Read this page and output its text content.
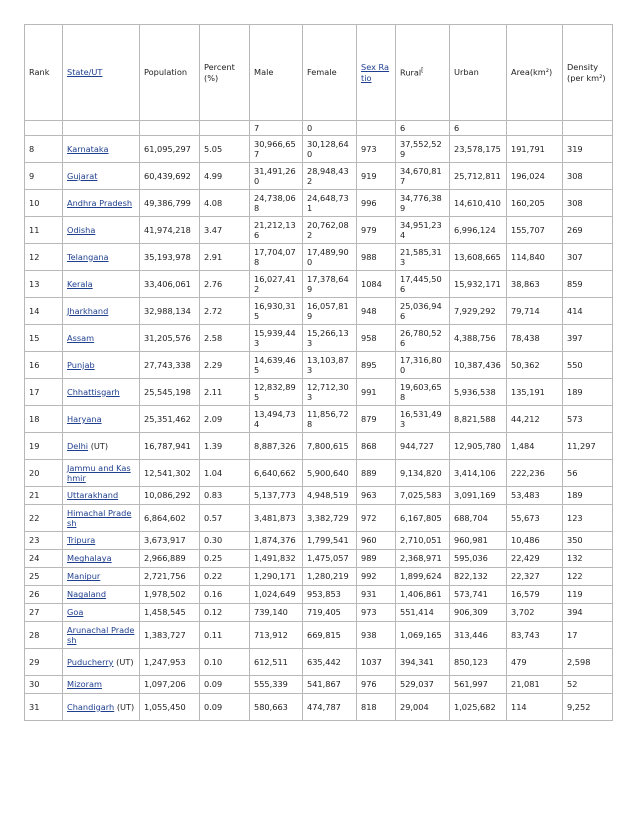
Rank	State/UT	Population	Percent (%)	Male	Female	Sex Ratio	Rural[	Urban	Area(km²)	Density (per km²)
				7	0		6	6		
8	Karnataka	61,095,297	5.05	30,966,657	30,128,640	973	37,552,529	23,578,175	191,791	319
9	Gujarat	60,439,692	4.99	31,491,260	28,948,432	919	34,670,817	25,712,811	196,024	308
10	Andhra Pradesh	49,386,799	4.08	24,738,068	24,648,731	996	34,776,389	14,610,410	160,205	308
11	Odisha	41,974,218	3.47	21,212,136	20,762,082	979	34,951,234	6,996,124	155,707	269
12	Telangana	35,193,978	2.91	17,704,078	17,489,900	988	21,585,313	13,608,665	114,840	307
13	Kerala	33,406,061	2.76	16,027,412	17,378,649	1084	17,445,506	15,932,171	38,863	859
14	Jharkhand	32,988,134	2.72	16,930,315	16,057,819	948	25,036,946	7,929,292	79,714	414
15	Assam	31,205,576	2.58	15,939,443	15,266,133	958	26,780,526	4,388,756	78,438	397
16	Punjab	27,743,338	2.29	14,639,465	13,103,873	895	17,316,800	10,387,436	50,362	550
17	Chhattisgarh	25,545,198	2.11	12,832,895	12,712,303	991	19,603,658	5,936,538	135,191	189
18	Haryana	25,351,462	2.09	13,494,734	11,856,728	879	16,531,493	8,821,588	44,212	573
19	Delhi (UT)	16,787,941	1.39	8,887,326	7,800,615	868	944,727	12,905,780	1,484	11,297
20	Jammu and Kashmir	12,541,302	1.04	6,640,662	5,900,640	889	9,134,820	3,414,106	222,236	56
21	Uttarakhand	10,086,292	0.83	5,137,773	4,948,519	963	7,025,583	3,091,169	53,483	189
22	Himachal Pradesh	6,864,602	0.57	3,481,873	3,382,729	972	6,167,805	688,704	55,673	123
23	Tripura	3,673,917	0.30	1,874,376	1,799,541	960	2,710,051	960,981	10,486	350
24	Meghalaya	2,966,889	0.25	1,491,832	1,475,057	989	2,368,971	595,036	22,429	132
25	Manipur	2,721,756	0.22	1,290,171	1,280,219	992	1,899,624	822,132	22,327	122
26	Nagaland	1,978,502	0.16	1,024,649	953,853	931	1,406,861	573,741	16,579	119
27	Goa	1,458,545	0.12	739,140	719,405	973	551,414	906,309	3,702	394
28	Arunachal Pradesh	1,383,727	0.11	713,912	669,815	938	1,069,165	313,446	83,743	17
29	Puducherry (UT)	1,247,953	0.10	612,511	635,442	1037	394,341	850,123	479	2,598
30	Mizoram	1,097,206	0.09	555,339	541,867	976	529,037	561,997	21,081	52
31	Chandigarh (UT)	1,055,450	0.09	580,663	474,787	818	29,004	1,025,682	114	9,252
